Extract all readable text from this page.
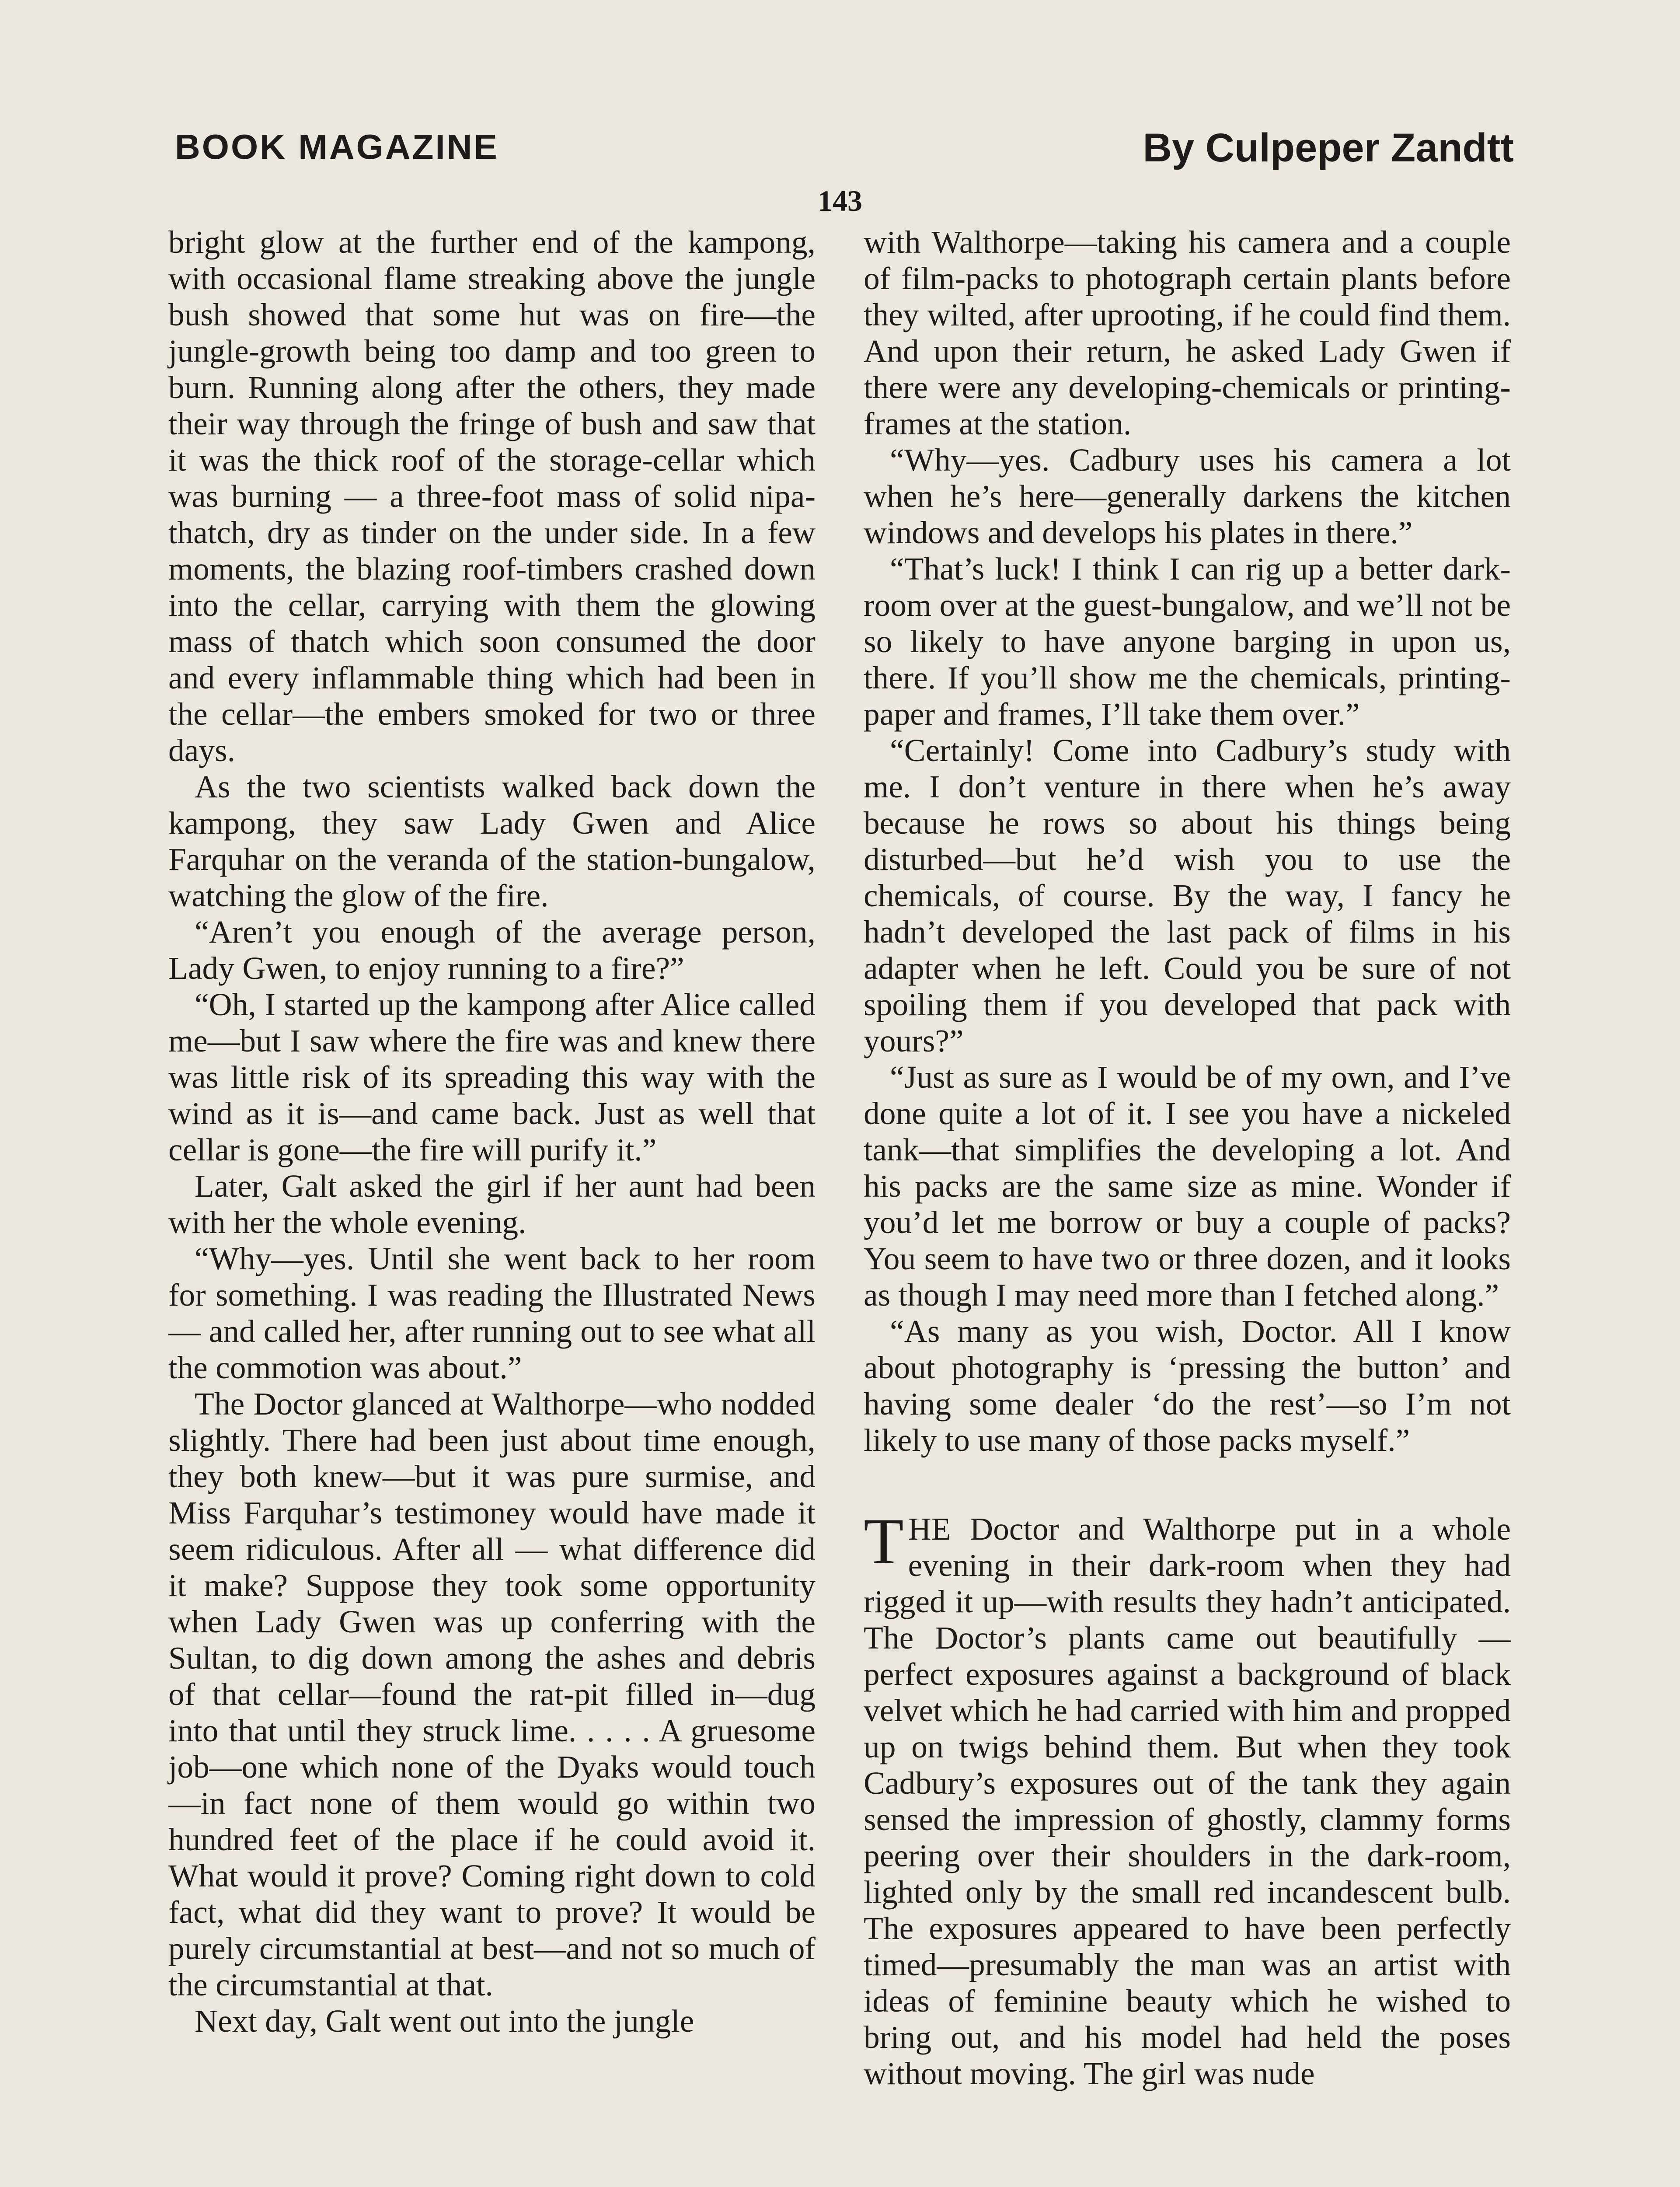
BOOK MAGAZINE	By Culpeper Zandtt
143

bright glow at the further end of the kampong, with occasional flame streaking above the jungle bush showed that some hut was on fire—the jungle-growth being too damp and too green to burn. Running along after the others, they made their way through the fringe of bush and saw that it was the thick roof of the storage-cellar which was burning — a three-foot mass of solid nipa-thatch, dry as tinder on the under side. In a few moments, the blazing roof-timbers crashed down into the cellar, carrying with them the glowing mass of thatch which soon consumed the door and every inflammable thing which had been in the cellar—the embers smoked for two or three days.

As the two scientists walked back down the kampong, they saw Lady Gwen and Alice Farquhar on the veranda of the station-bungalow, watching the glow of the fire.

“Aren’t you enough of the average person, Lady Gwen, to enjoy running to a fire?”

“Oh, I started up the kampong after Alice called me—but I saw where the fire was and knew there was little risk of its spreading this way with the wind as it is—and came back. Just as well that cellar is gone—the fire will purify it.”

Later, Galt asked the girl if her aunt had been with her the whole evening.

“Why—yes. Until she went back to her room for something. I was reading the Illustrated News — and called her, after running out to see what all the commotion was about.”

The Doctor glanced at Walthorpe—who nodded slightly. There had been just about time enough, they both knew—but it was pure surmise, and Miss Farquhar’s testimoney would have made it seem ridiculous. After all — what difference did it make? Suppose they took some opportunity when Lady Gwen was up conferring with the Sultan, to dig down among the ashes and debris of that cellar—found the rat-pit filled in—dug into that until they struck lime. . . . . A gruesome job—one which none of the Dyaks would touch—in fact none of them would go within two hundred feet of the place if he could avoid it. What would it prove? Coming right down to cold fact, what did they want to prove? It would be purely circumstantial at best—and not so much of the circumstantial at that.

Next day, Galt went out into the jungle

with Walthorpe—taking his camera and a couple of film-packs to photograph certain plants before they wilted, after uprooting, if he could find them. And upon their return, he asked Lady Gwen if there were any developing-chemicals or printing-frames at the station.

“Why—yes. Cadbury uses his camera a lot when he’s here—generally darkens the kitchen windows and develops his plates in there.”

“That’s luck! I think I can rig up a better dark-room over at the guest-bungalow, and we’ll not be so likely to have anyone barging in upon us, there. If you’ll show me the chemicals, printing-paper and frames, I’ll take them over.”

“Certainly! Come into Cadbury’s study with me. I don’t venture in there when he’s away because he rows so about his things being disturbed—but he’d wish you to use the chemicals, of course. By the way, I fancy he hadn’t developed the last pack of films in his adapter when he left. Could you be sure of not spoiling them if you developed that pack with yours?”

“Just as sure as I would be of my own, and I’ve done quite a lot of it. I see you have a nickeled tank—that simplifies the developing a lot. And his packs are the same size as mine. Wonder if you’d let me borrow or buy a couple of packs? You seem to have two or three dozen, and it looks as though I may need more than I fetched along.”

“As many as you wish, Doctor. All I know about photography is ‘pressing the button’ and having some dealer ‘do the rest’—so I’m not likely to use many of those packs myself.”

THE Doctor and Walthorpe put in a whole evening in their dark-room when they had rigged it up—with results they hadn’t anticipated. The Doctor’s plants came out beautifully — perfect exposures against a background of black velvet which he had carried with him and propped up on twigs behind them. But when they took Cadbury’s exposures out of the tank they again sensed the impression of ghostly, clammy forms peering over their shoulders in the dark-room, lighted only by the small red incandescent bulb. The exposures appeared to have been perfectly timed—presumably the man was an artist with ideas of feminine beauty which he wished to bring out, and his model had held the poses without moving. The girl was nude
